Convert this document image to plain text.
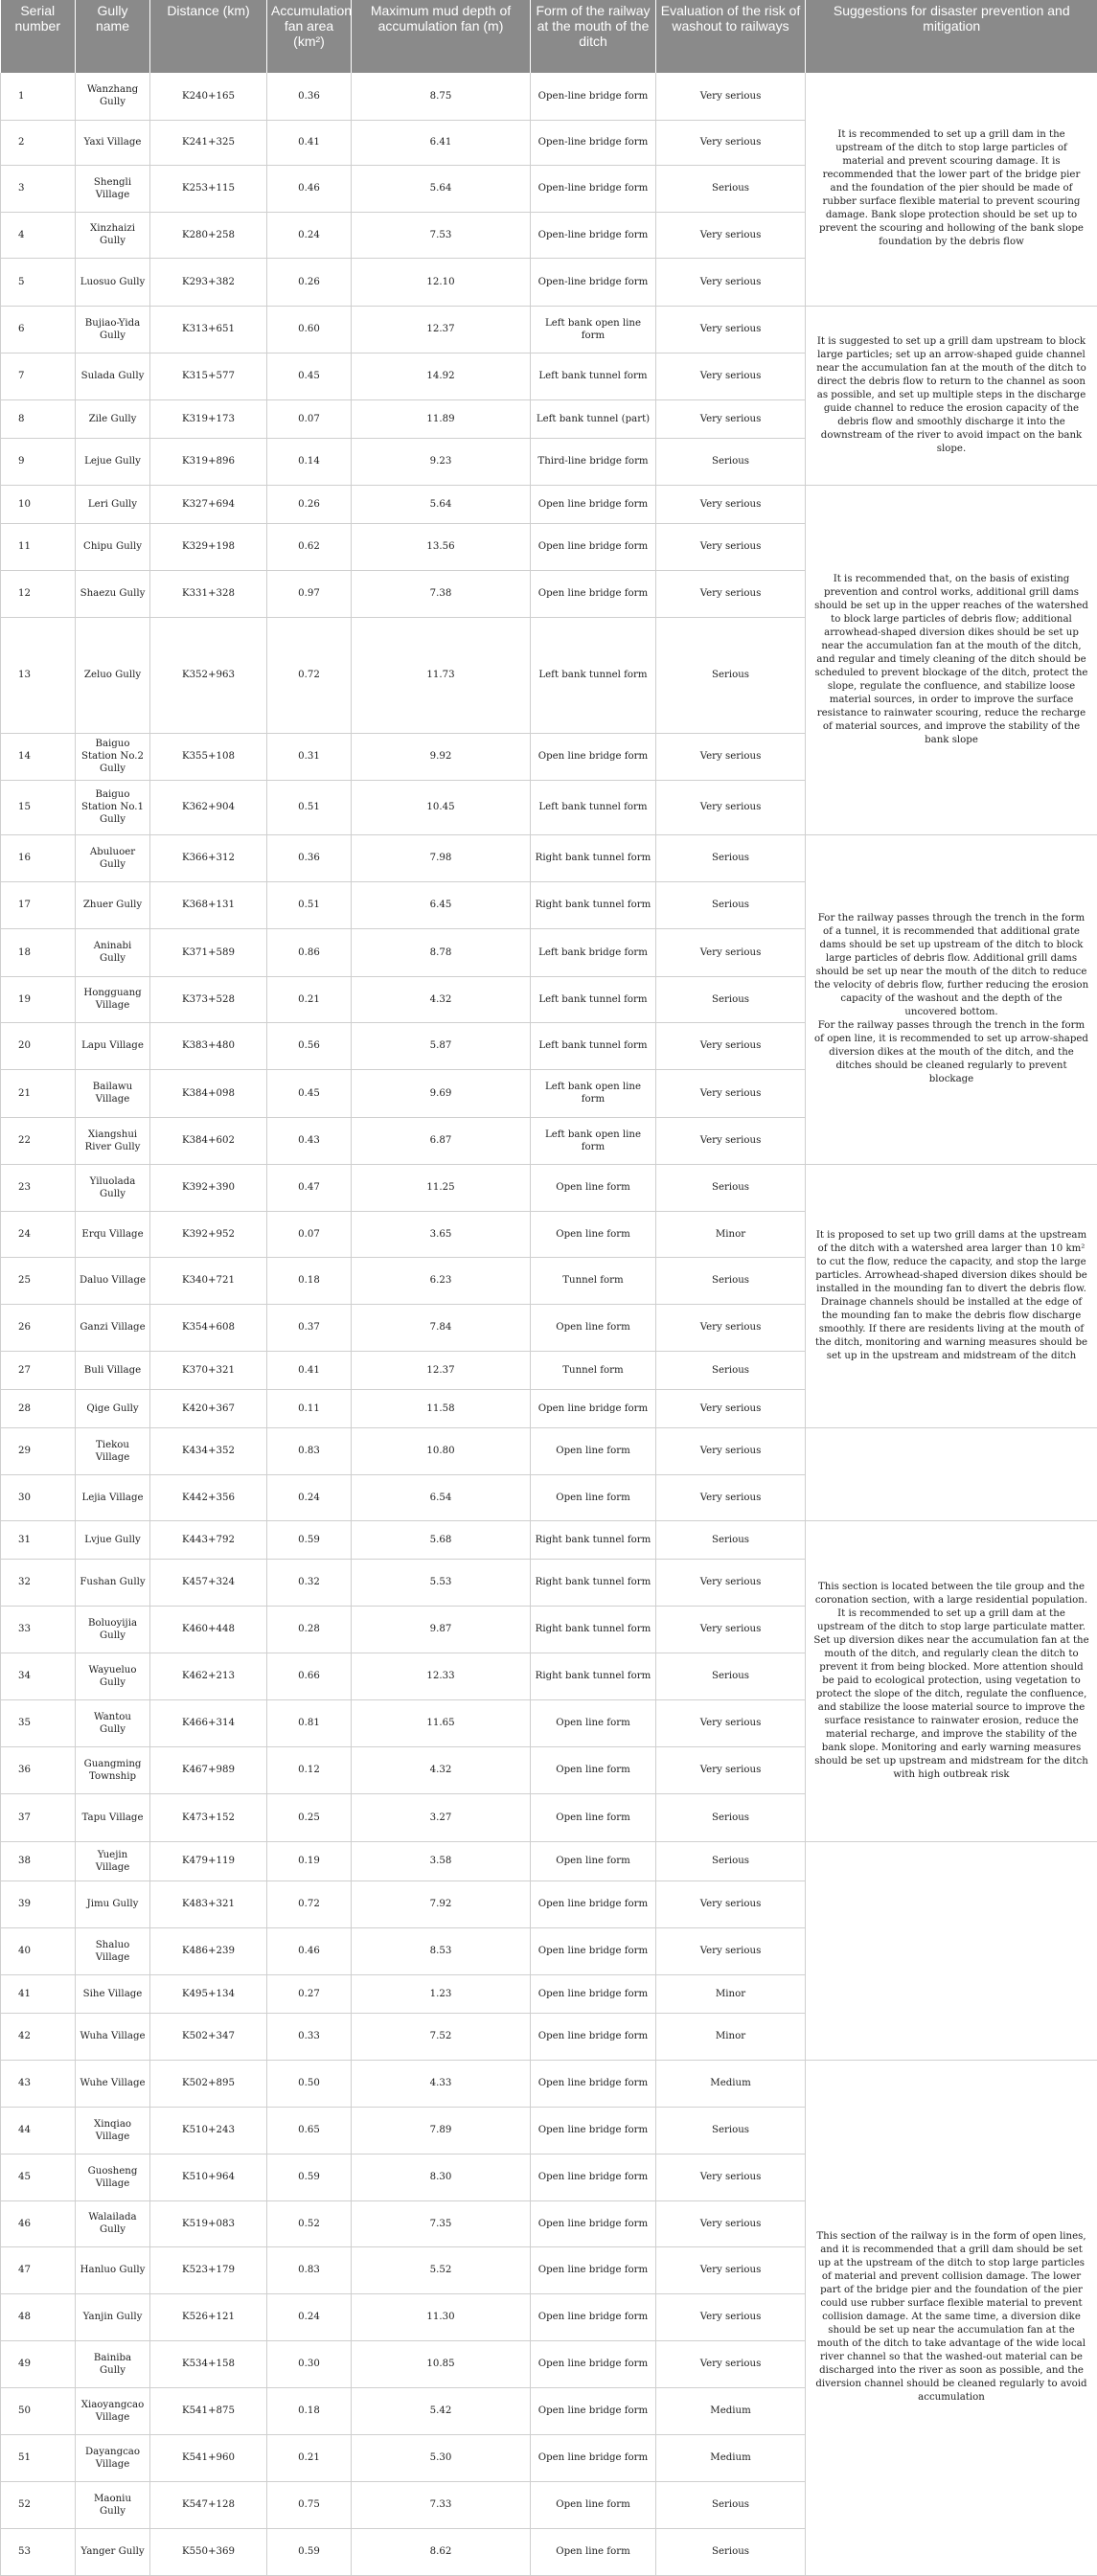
Serial number	Gully name	Distance (km)	Accumulation fan area (km²)	Maximum mud depth of accumulation fan (m)	Form of the railway at the mouth of the ditch	Evaluation of the risk of washout to railways	Suggestions for disaster prevention and mitigation
1	Wanzhang Gully	K240+165	0.36	8.75	Open-line bridge form	Very serious	It is recommended to set up a grill dam in the upstream of the ditch to stop large particles of material and prevent scouring damage. It is recommended that the lower part of the bridge pier and the foundation of the pier should be made of rubber surface flexible material to prevent scouring damage. Bank slope protection should be set up to prevent the scouring and hollowing of the bank slope foundation by the debris flow
2	Yaxi Village	K241+325	0.41	6.41	Open-line bridge form	Very serious	
3	Shengli Village	K253+115	0.46	5.64	Open-line bridge form	Serious	
4	Xinzhaizi Gully	K280+258	0.24	7.53	Open-line bridge form	Very serious	
5	Luosuo Gully	K293+382	0.26	12.10	Open-line bridge form	Very serious	
6	Bujiao-Yida Gully	K313+651	0.60	12.37	Left bank open line form	Very serious	It is suggested to set up a grill dam upstream to block large particles; set up an arrow-shaped guide channel near the accumulation fan at the mouth of the ditch to direct the debris flow to return to the channel as soon as possible, and set up multiple steps in the discharge guide channel to reduce the erosion capacity of the debris flow and smoothly discharge it into the downstream of the river to avoid impact on the bank slope.
7	Sulada Gully	K315+577	0.45	14.92	Left bank tunnel form	Very serious	
8	Zile Gully	K319+173	0.07	11.89	Left bank tunnel (part)	Very serious	
9	Lejue Gully	K319+896	0.14	9.23	Third-line bridge form	Serious	
10	Leri Gully	K327+694	0.26	5.64	Open line bridge form	Very serious	It is recommended that, on the basis of existing prevention and control works, additional grill dams should be set up in the upper reaches of the watershed to block large particles of debris flow; additional arrowhead-shaped diversion dikes should be set up near the accumulation fan at the mouth of the ditch, and regular and timely cleaning of the ditch should be scheduled to prevent blockage of the ditch, protect the slope, regulate the confluence, and stabilize loose material sources, in order to improve the surface resistance to rainwater scouring, reduce the recharge of material sources, and improve the stability of the bank slope
11	Chipu Gully	K329+198	0.62	13.56	Open line bridge form	Very serious	
12	Shaezu Gully	K331+328	0.97	7.38	Open line bridge form	Very serious	
13	Zeluo Gully	K352+963	0.72	11.73	Left bank tunnel form	Serious	
14	Baiguo Station No.2 Gully	K355+108	0.31	9.92	Open line bridge form	Very serious	
15	Baiguo Station No.1 Gully	K362+904	0.51	10.45	Left bank tunnel form	Very serious	
16	Abuluoer Gully	K366+312	0.36	7.98	Right bank tunnel form	Serious	For the railway passes through the trench in the form of a tunnel, it is recommended that additional grate dams should be set up upstream of the ditch to block large particles of debris flow. Additional grill dams should be set up near the mouth of the ditch to reduce the velocity of debris flow, further reducing the erosion capacity of the washout and the depth of the uncovered bottom.
For the railway passes through the trench in the form of open line, it is recommended to set up arrow-shaped diversion dikes at the mouth of the ditch, and the ditches should be cleaned regularly to prevent blockage
17	Zhuer Gully	K368+131	0.51	6.45	Right bank tunnel form	Serious	
18	Aninabi Gully	K371+589	0.86	8.78	Left bank bridge form	Very serious	
19	Hongguang Village	K373+528	0.21	4.32	Left bank tunnel form	Serious	
20	Lapu Village	K383+480	0.56	5.87	Left bank tunnel form	Very serious	
21	Bailawu Village	K384+098	0.45	9.69	Left bank open line form	Very serious	
22	Xiangshui River Gully	K384+602	0.43	6.87	Left bank open line form	Very serious	
23	Yiluolada Gully	K392+390	0.47	11.25	Open line form	Serious	It is proposed to set up two grill dams at the upstream of the ditch with a watershed area larger than 10 km² to cut the flow, reduce the capacity, and stop the large particles. Arrowhead-shaped diversion dikes should be installed in the mounding fan to divert the debris flow. Drainage channels should be installed at the edge of the mounding fan to make the debris flow discharge smoothly. If there are residents living at the mouth of the ditch, monitoring and warning measures should be set up in the upstream and midstream of the ditch
24	Erqu Village	K392+952	0.07	3.65	Open line form	Minor	
25	Daluo Village	K340+721	0.18	6.23	Tunnel form	Serious	
26	Ganzi Village	K354+608	0.37	7.84	Open line form	Very serious	
27	Buli Village	K370+321	0.41	12.37	Tunnel form	Serious	
28	Qige Gully	K420+367	0.11	11.58	Open line bridge form	Very serious	
29	Tiekou Village	K434+352	0.83	10.80	Open line form	Very serious	
30	Lejia Village	K442+356	0.24	6.54	Open line form	Very serious	
31	Lvjue Gully	K443+792	0.59	5.68	Right bank tunnel form	Serious	This section is located between the tile group and the coronation section, with a large residential population. It is recommended to set up a grill dam at the upstream of the ditch to stop large particulate matter. Set up diversion dikes near the accumulation fan at the mouth of the ditch, and regularly clean the ditch to prevent it from being blocked. More attention should be paid to ecological protection, using vegetation to protect the slope of the ditch, regulate the confluence, and stabilize the loose material source to improve the surface resistance to rainwater erosion, reduce the material recharge, and improve the stability of the bank slope. Monitoring and early warning measures should be set up upstream and midstream for the ditch with high outbreak risk
32	Fushan Gully	K457+324	0.32	5.53	Right bank tunnel form	Very serious	
33	Boluoyijia Gully	K460+448	0.28	9.87	Right bank tunnel form	Very serious	
34	Wayueluo Gully	K462+213	0.66	12.33	Right bank tunnel form	Serious	
35	Wantou Gully	K466+314	0.81	11.65	Open line form	Very serious	
36	Guangming Township	K467+989	0.12	4.32	Open line form	Very serious	
37	Tapu Village	K473+152	0.25	3.27	Open line form	Serious	
38	Yuejin Village	K479+119	0.19	3.58	Open line form	Serious	
39	Jimu Gully	K483+321	0.72	7.92	Open line bridge form	Very serious	
40	Shaluo Village	K486+239	0.46	8.53	Open line bridge form	Very serious	
41	Sihe Village	K495+134	0.27	1.23	Open line bridge form	Minor	
42	Wuha Village	K502+347	0.33	7.52	Open line bridge form	Minor	
43	Wuhe Village	K502+895	0.50	4.33	Open line bridge form	Medium	This section of the railway is in the form of open lines, and it is recommended that a grill dam should be set up at the upstream of the ditch to stop large particles of material and prevent collision damage. The lower part of the bridge pier and the foundation of the pier could use rubber surface flexible material to prevent collision damage. At the same time, a diversion dike should be set up near the accumulation fan at the mouth of the ditch to take advantage of the wide local river channel so that the washed-out material can be discharged into the river as soon as possible, and the diversion channel should be cleaned regularly to avoid accumulation
44	Xinqiao Village	K510+243	0.65	7.89	Open line bridge form	Serious	
45	Guosheng Village	K510+964	0.59	8.30	Open line bridge form	Very serious	
46	Walailada Gully	K519+083	0.52	7.35	Open line bridge form	Very serious	
47	Hanluo Gully	K523+179	0.83	5.52	Open line bridge form	Very serious	
48	Yanjin Gully	K526+121	0.24	11.30	Open line bridge form	Very serious	
49	Bainiba Gully	K534+158	0.30	10.85	Open line bridge form	Very serious	
50	Xiaoyangcao Village	K541+875	0.18	5.42	Open line bridge form	Medium	
51	Dayangcao Village	K541+960	0.21	5.30	Open line bridge form	Medium	
52	Maoniu Gully	K547+128	0.75	7.33	Open line form	Serious	
53	Yanger Gully	K550+369	0.59	8.62	Open line form	Serious	
